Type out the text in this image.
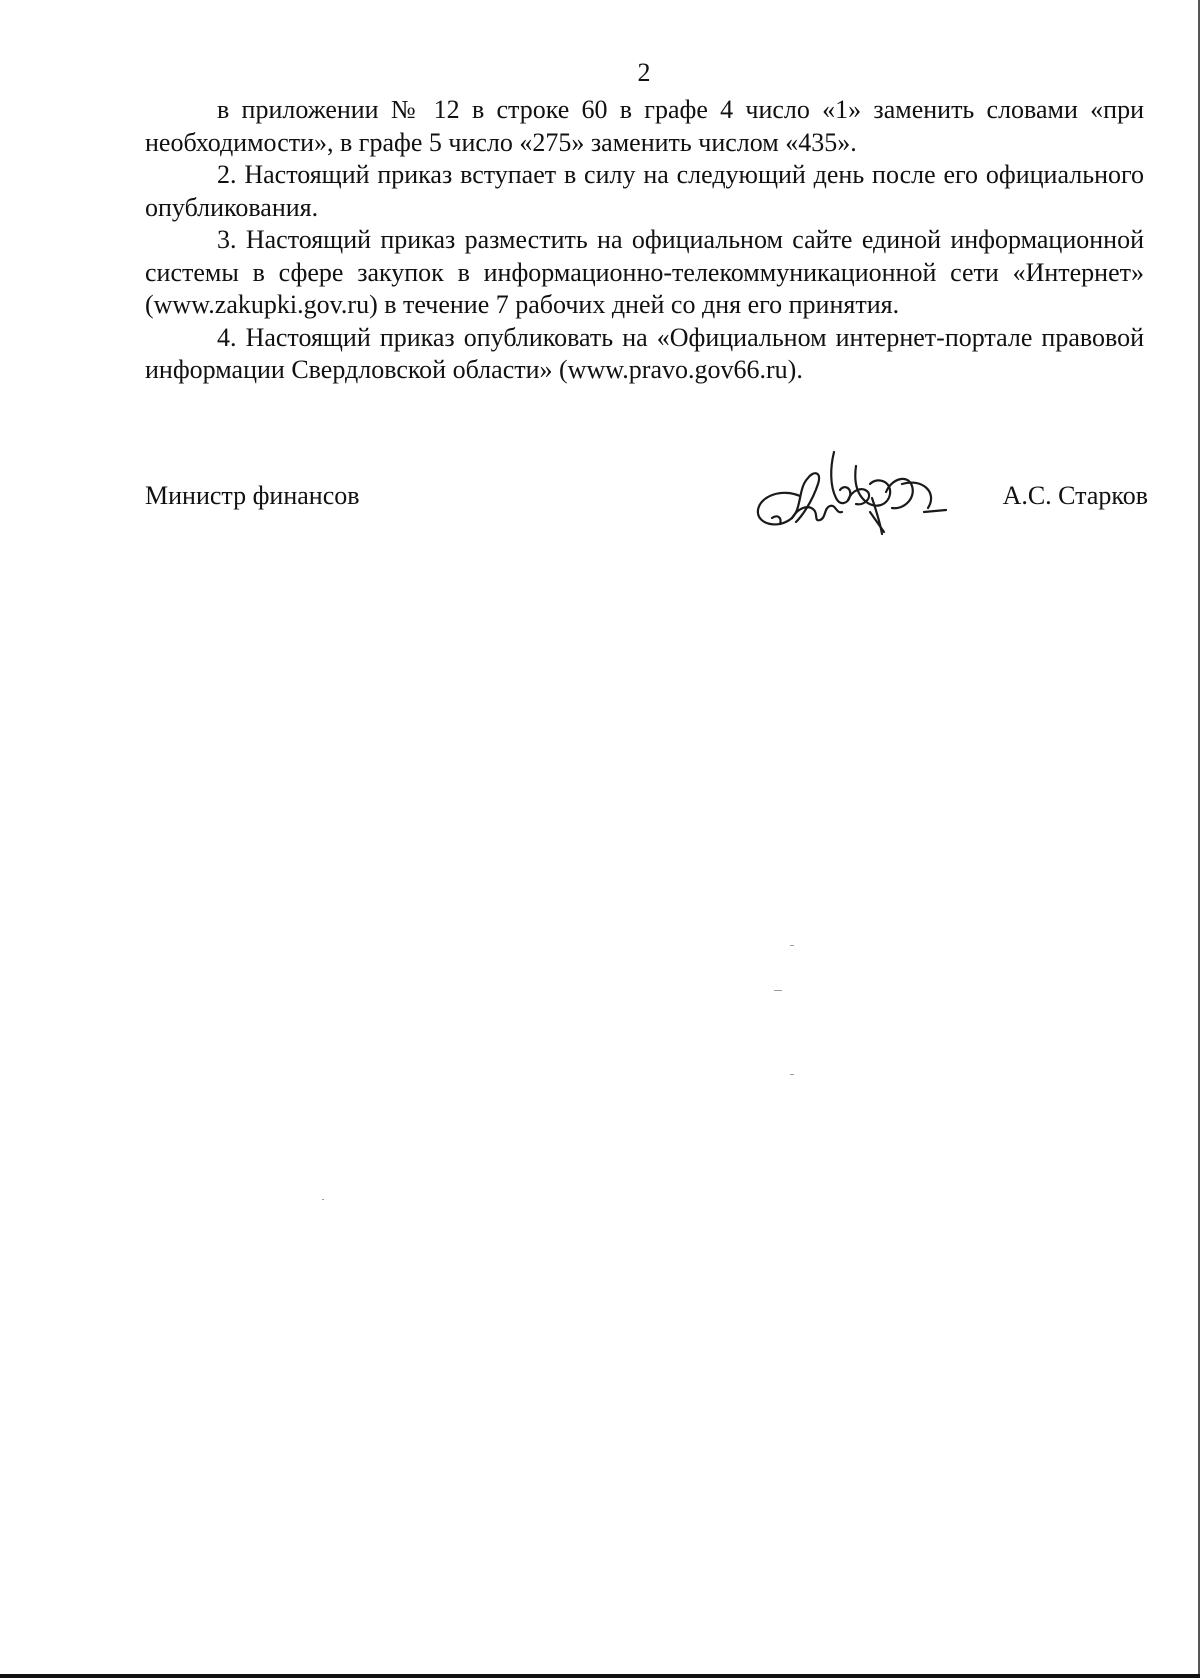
2

в приложении № 12 в строке 60 в графе 4 число «1» заменить словами «при необходимости», в графе 5 число «275» заменить числом «435».

2. Настоящий приказ вступает в силу на следующий день после его официального опубликования.

3. Настоящий приказ разместить на официальном сайте единой информационной системы в сфере закупок в информационно-телекоммуникационной сети «Интернет» (www.zakupki.gov.ru) в течение 7 рабочих дней со дня его принятия.

4. Настоящий приказ опубликовать на «Официальном интернет-портале правовой информации Свердловской области» (www.pravo.gov66.ru).

Министр финансов	А.С. Старков
